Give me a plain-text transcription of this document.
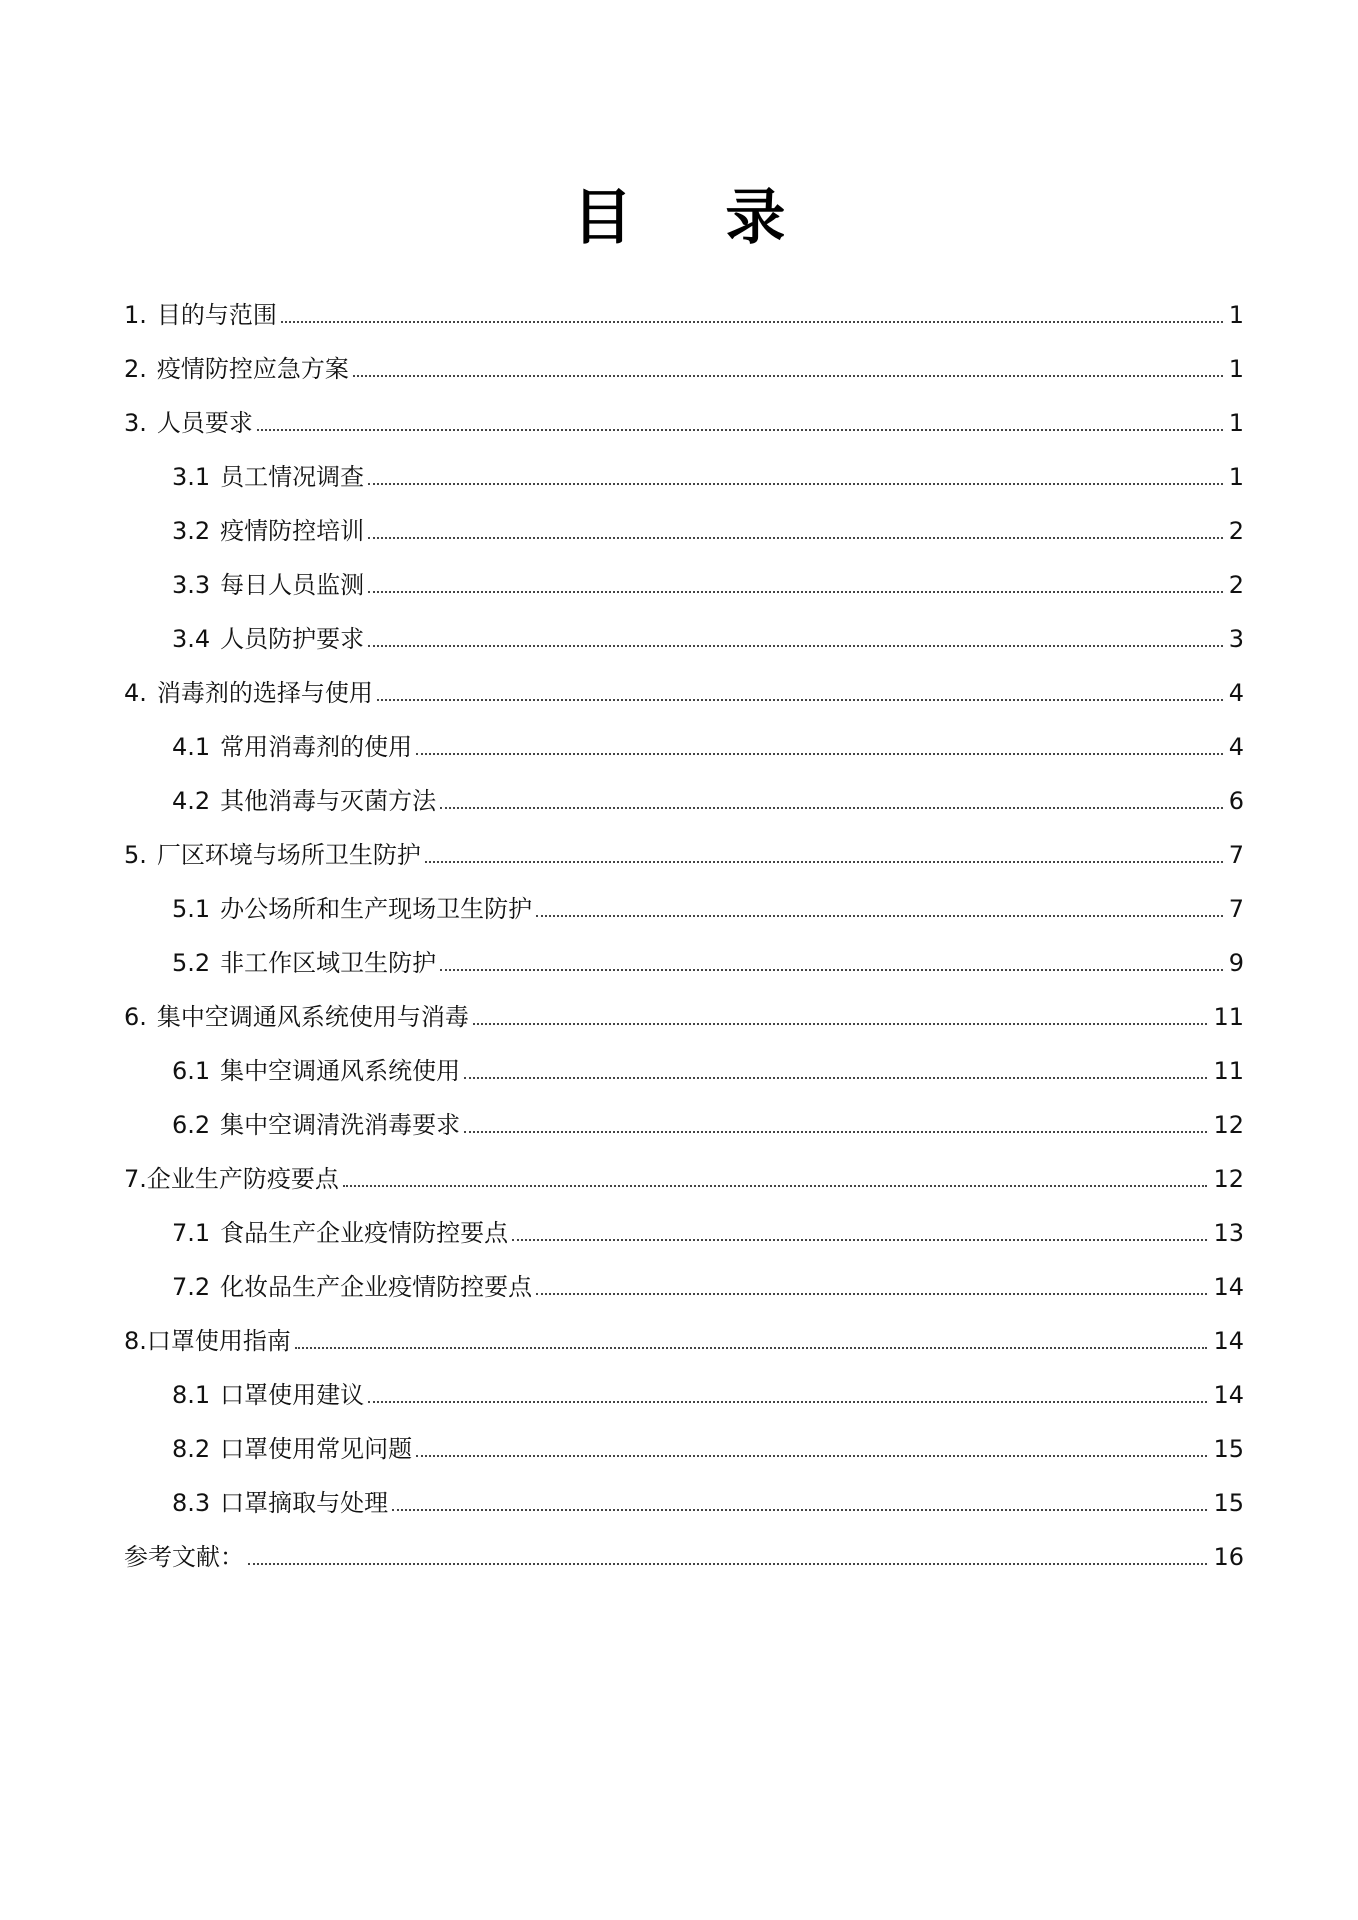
目 录
1. 目的与范围	1
2. 疫情防控应急方案	1
3. 人员要求	1
3.1 员工情况调查	1
3.2 疫情防控培训	2
3.3 每日人员监测	2
3.4 人员防护要求	3
4. 消毒剂的选择与使用	4
4.1 常用消毒剂的使用	4
4.2 其他消毒与灭菌方法	6
5. 厂区环境与场所卫生防护	7
5.1 办公场所和生产现场卫生防护	7
5.2 非工作区域卫生防护	9
6. 集中空调通风系统使用与消毒	11
6.1 集中空调通风系统使用	11
6.2 集中空调清洗消毒要求	12
7.企业生产防疫要点	12
7.1 食品生产企业疫情防控要点	13
7.2 化妆品生产企业疫情防控要点	14
8.口罩使用指南	14
8.1 口罩使用建议	14
8.2 口罩使用常见问题	15
8.3 口罩摘取与处理	15
参考文献：	16
